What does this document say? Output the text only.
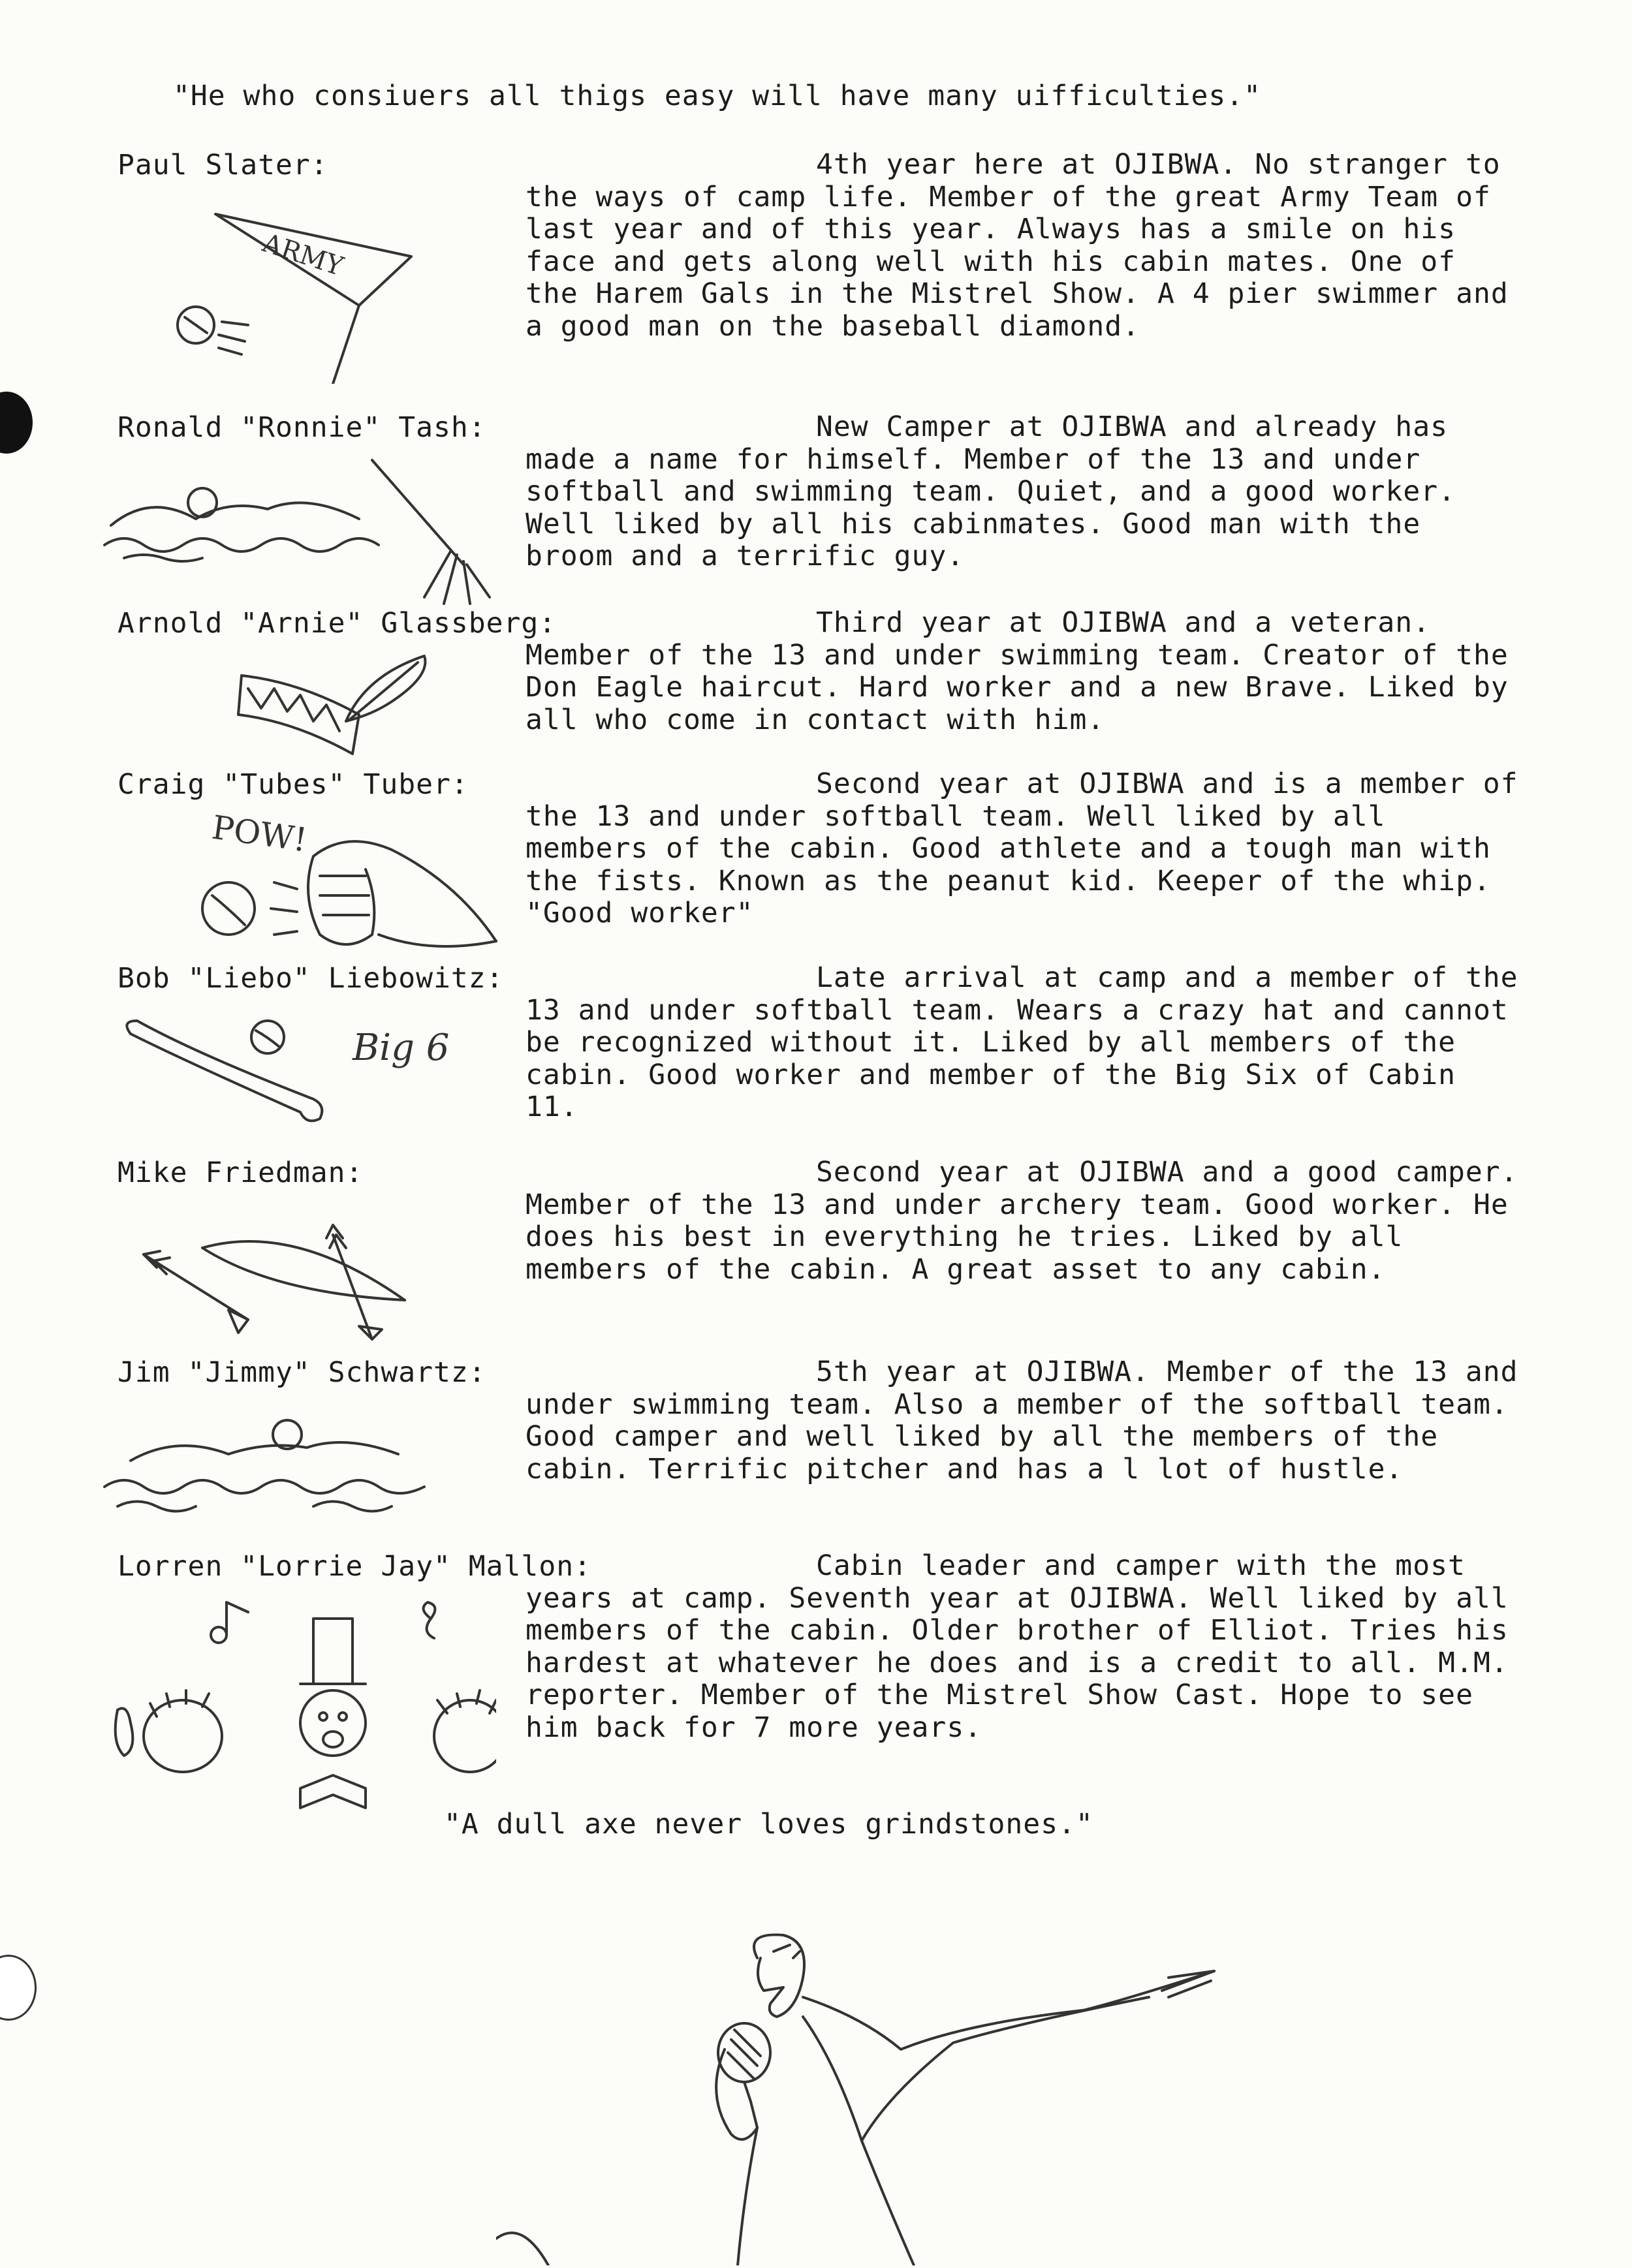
"He who consiuers all thigs easy will have many uifficulties."
Paul Slater:	4th year here at OJIBWA. No stranger to the ways of camp life. Member of the great Army Team of last year and of this year. Always has a smile on his face and gets along well with his cabin mates. One of the Harem Gals in the Mistrel Show. A 4 pier swimmer and a good man on the baseball diamond.

ARMY
Ronald "Ronnie" Tash:	New Camper at OJIBWA and already has made a name for himself. Member of the 13 and under softball and swimming team. Quiet, and a good worker. Well liked by all his cabinmates. Good man with the broom and a terrific guy.

Arnold "Arnie" Glassberg:	Third year at OJIBWA and a veteran. Member of the 13 and under swimming team. Creator of the Don Eagle haircut. Hard worker and a new Brave. Liked by all who come in contact with him.

Craig "Tubes" Tuber:	Second year at OJIBWA and is a member of the 13 and under softball team. Well liked by all members of the cabin. Good athlete and a tough man with the fists. Known as the peanut kid. Keeper of the whip. "Good worker"

POW!
Bob "Liebo" Liebowitz:	Late arrival at camp and a member of the 13 and under softball team. Wears a crazy hat and cannot be recognized without it. Liked by all members of the cabin. Good worker and member of the Big Six of Cabin 11.

Big 6
Mike Friedman:	Second year at OJIBWA and a good camper. Member of the 13 and under archery team. Good worker. He does his best in everything he tries. Liked by all members of the cabin. A great asset to any cabin.

Jim "Jimmy" Schwartz:	5th year at OJIBWA. Member of the 13 and under swimming team. Also a member of the softball team. Good camper and well liked by all the members of the cabin. Terrific pitcher and has a l lot of hustle.

Lorren "Lorrie Jay" Mallon:	Cabin leader and camper with the most years at camp. Seventh year at OJIBWA. Well liked by all members of the cabin. Older brother of Elliot. Tries his hardest at whatever he does and is a credit to all. M.M. reporter. Member of the Mistrel Show Cast. Hope to see him back for 7 more years.

"A dull axe never loves grindstones."
